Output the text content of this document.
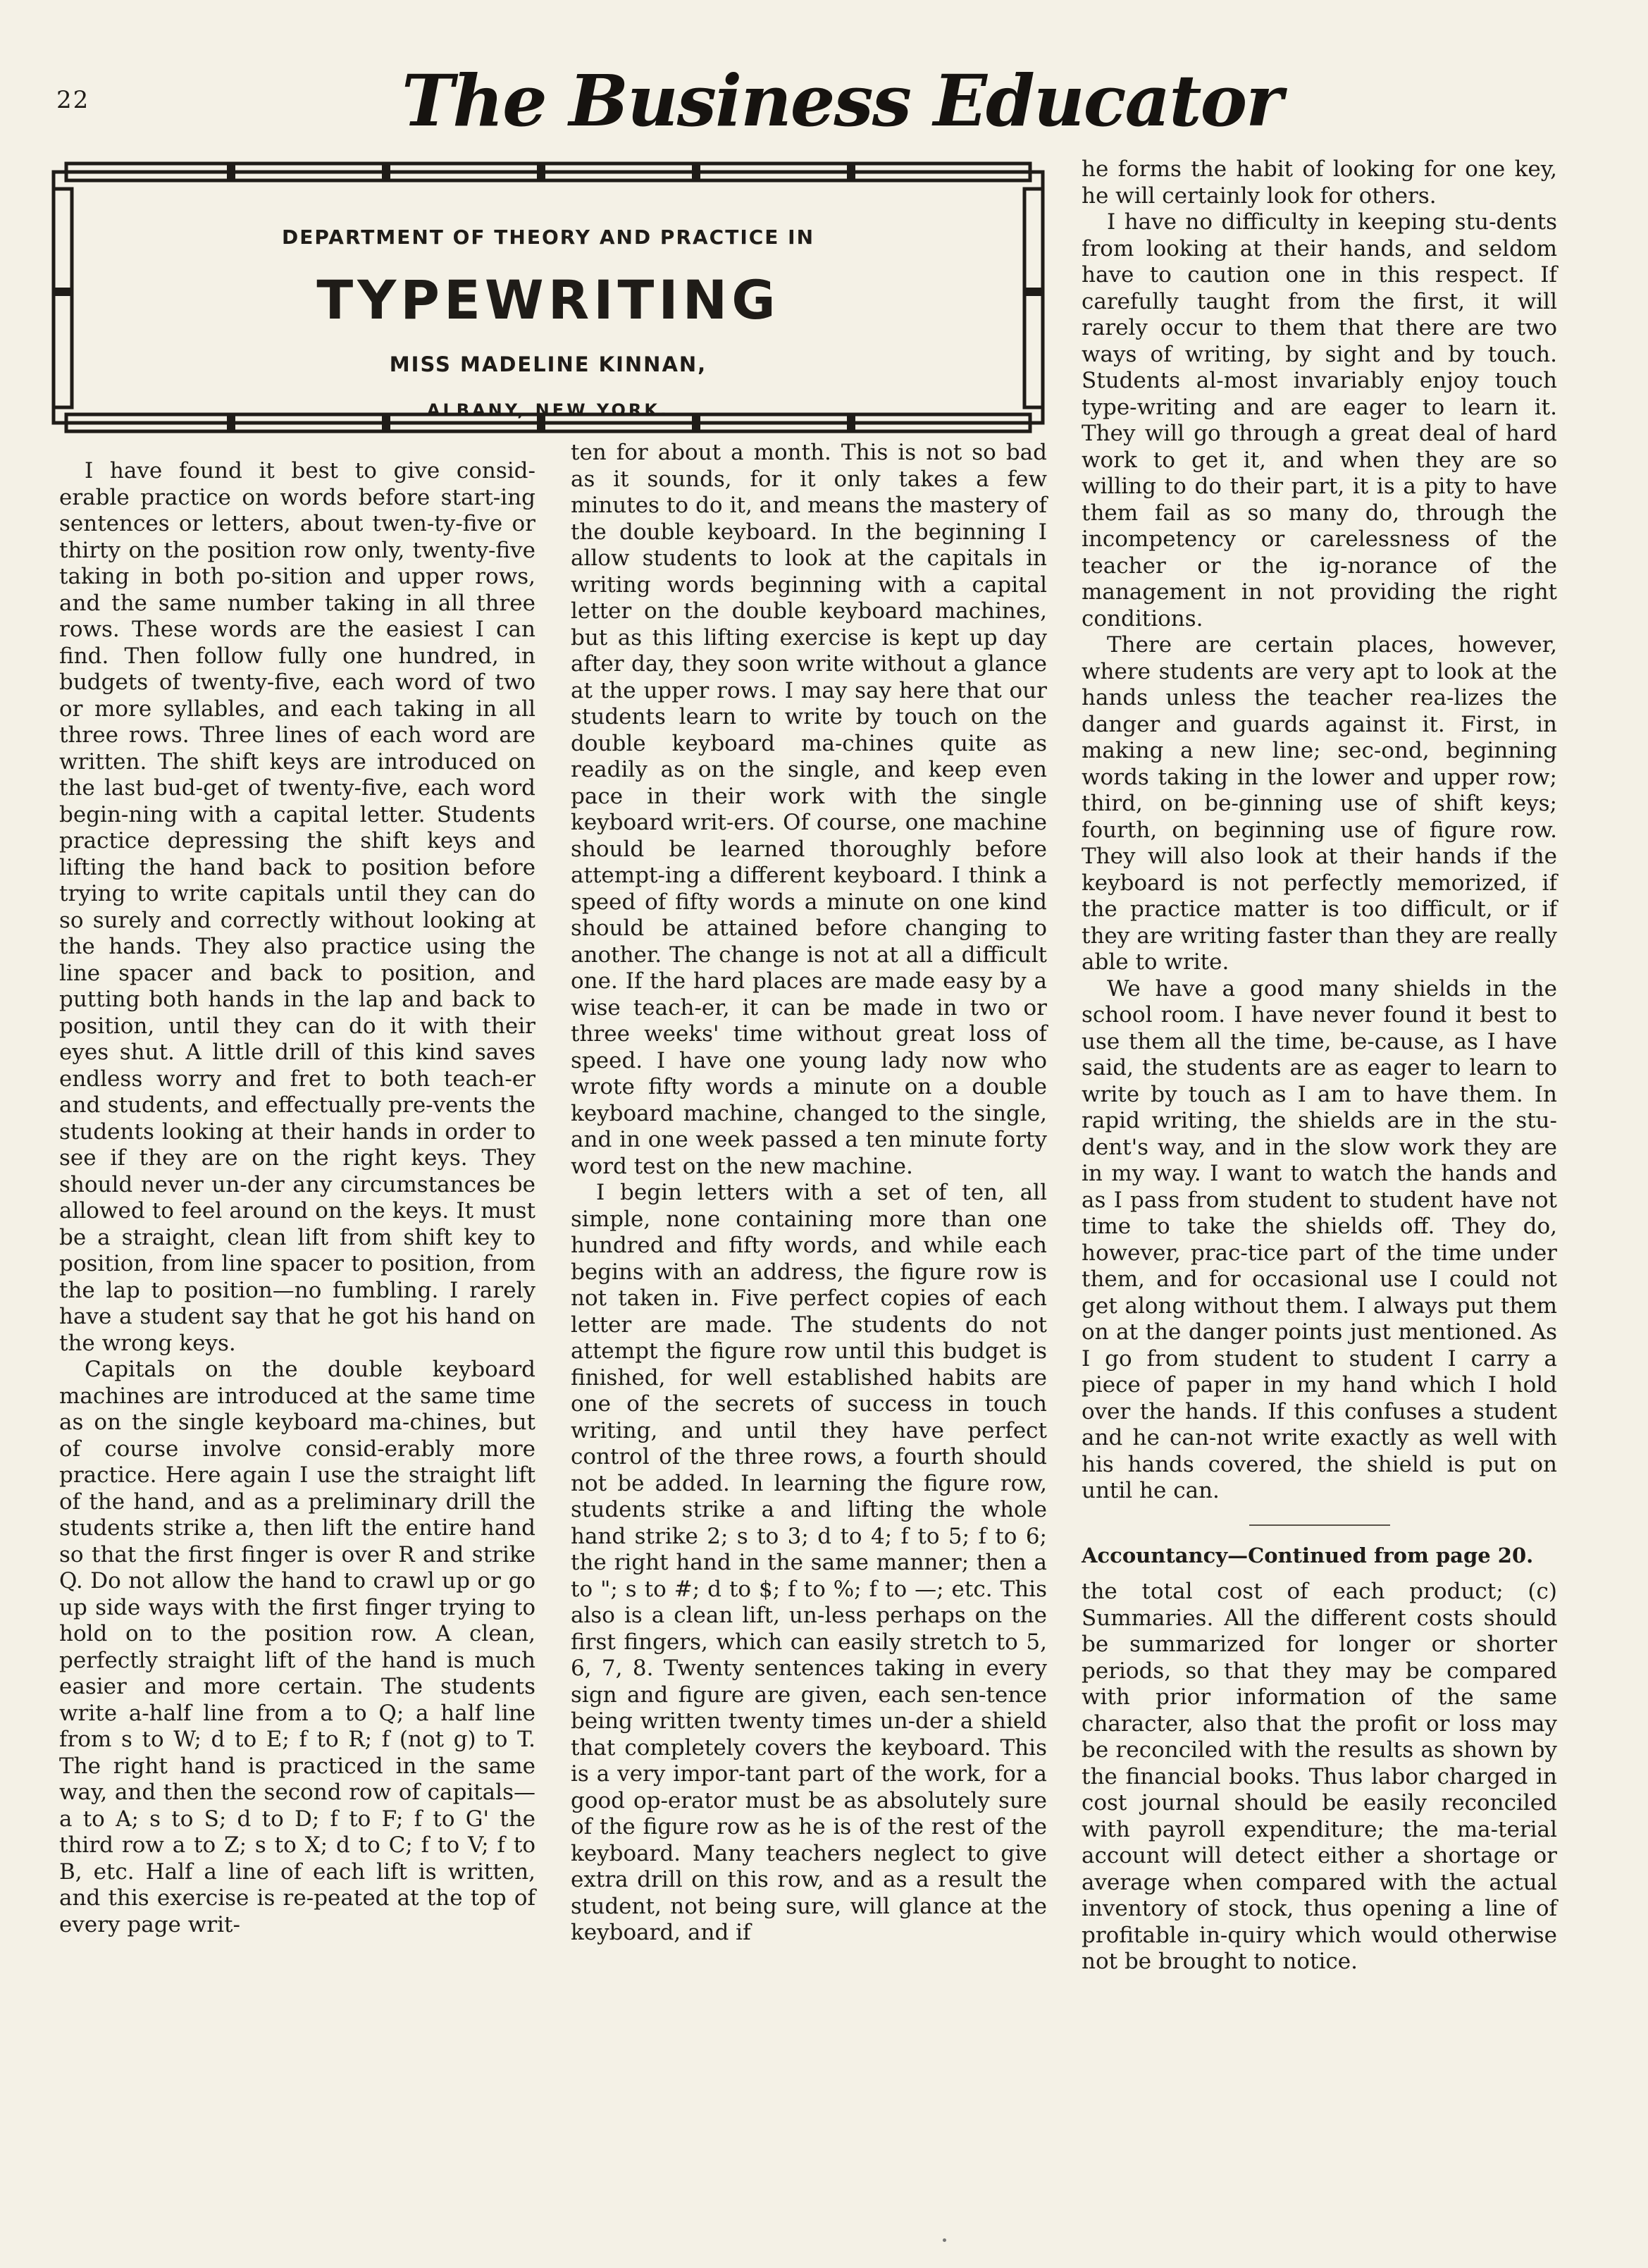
22	The Business Educator
DEPARTMENT OF THEORY AND PRACTICE IN
TYPEWRITING
MISS MADELINE KINNAN,
ALBANY, NEW YORK.

I have found it best to give consid-erable practice on words before start-ing sentences or letters, about twen-ty-five or thirty on the position row only, twenty-five taking in both po-sition and upper rows, and the same number taking in all three rows. These words are the easiest I can find. Then follow fully one hundred, in budgets of twenty-five, each word of two or more syllables, and each taking in all three rows. Three lines of each word are written. The shift keys are introduced on the last bud-get of twenty-five, each word begin-ning with a capital letter. Students practice depressing the shift keys and lifting the hand back to position before trying to write capitals until they can do so surely and correctly without looking at the hands. They also practice using the line spacer and back to position, and putting both hands in the lap and back to position, until they can do it with their eyes shut. A little drill of this kind saves endless worry and fret to both teach-er and students, and effectually pre-vents the students looking at their hands in order to see if they are on the right keys. They should never un-der any circumstances be allowed to feel around on the keys. It must be a straight, clean lift from shift key to position, from line spacer to position, from the lap to position—no fumbling. I rarely have a student say that he got his hand on the wrong keys.

Capitals on the double keyboard machines are introduced at the same time as on the single keyboard ma-chines, but of course involve consid-erably more practice. Here again I use the straight lift of the hand, and as a preliminary drill the students strike a, then lift the entire hand so that the first finger is over R and strike Q. Do not allow the hand to crawl up or go up side ways with the first finger trying to hold on to the position row. A clean, perfectly straight lift of the hand is much easier and more certain. The students write a-half line from a to Q; a half line from s to W; d to E; f to R; f (not g) to T. The right hand is practiced in the same way, and then the second row of capitals—a to A; s to S; d to D; f to F; f to G' the third row a to Z; s to X; d to C; f to V; f to B, etc. Half a line of each lift is written, and this exercise is re-peated at the top of every page writ-

ten for about a month. This is not so bad as it sounds, for it only takes a few minutes to do it, and means the mastery of the double keyboard. In the beginning I allow students to look at the capitals in writing words beginning with a capital letter on the double keyboard machines, but as this lifting exercise is kept up day after day, they soon write without a glance at the upper rows. I may say here that our students learn to write by touch on the double keyboard ma-chines quite as readily as on the single, and keep even pace in their work with the single keyboard writ-ers. Of course, one machine should be learned thoroughly before attempt-ing a different keyboard. I think a speed of fifty words a minute on one kind should be attained before changing to another. The change is not at all a difficult one. If the hard places are made easy by a wise teach-er, it can be made in two or three weeks' time without great loss of speed. I have one young lady now who wrote fifty words a minute on a double keyboard machine, changed to the single, and in one week passed a ten minute forty word test on the new machine.

I begin letters with a set of ten, all simple, none containing more than one hundred and fifty words, and while each begins with an address, the figure row is not taken in. Five perfect copies of each letter are made. The students do not attempt the figure row until this budget is finished, for well established habits are one of the secrets of success in touch writing, and until they have perfect control of the three rows, a fourth should not be added. In learning the figure row, students strike a and lifting the whole hand strike 2; s to 3; d to 4; f to 5; f to 6; the right hand in the same manner; then a to "; s to #; d to $; f to %; f to —; etc. This also is a clean lift, un-less perhaps on the first fingers, which can easily stretch to 5, 6, 7, 8. Twenty sentences taking in every sign and figure are given, each sen-tence being written twenty times un-der a shield that completely covers the keyboard. This is a very impor-tant part of the work, for a good op-erator must be as absolutely sure of the figure row as he is of the rest of the keyboard. Many teachers neglect to give extra drill on this row, and as a result the student, not being sure, will glance at the keyboard, and if

he forms the habit of looking for one key, he will certainly look for others.

I have no difficulty in keeping stu-dents from looking at their hands, and seldom have to caution one in this respect. If carefully taught from the first, it will rarely occur to them that there are two ways of writing, by sight and by touch. Students al-most invariably enjoy touch type-writing and are eager to learn it. They will go through a great deal of hard work to get it, and when they are so willing to do their part, it is a pity to have them fail as so many do, through the incompetency or carelessness of the teacher or the ig-norance of the management in not providing the right conditions.

There are certain places, however, where students are very apt to look at the hands unless the teacher rea-lizes the danger and guards against it. First, in making a new line; sec-ond, beginning words taking in the lower and upper row; third, on be-ginning use of shift keys; fourth, on beginning use of figure row. They will also look at their hands if the keyboard is not perfectly memorized, if the practice matter is too difficult, or if they are writing faster than they are really able to write.

We have a good many shields in the school room. I have never found it best to use them all the time, be-cause, as I have said, the students are as eager to learn to write by touch as I am to have them. In rapid writing, the shields are in the stu-dent's way, and in the slow work they are in my way. I want to watch the hands and as I pass from student to student have not time to take the shields off. They do, however, prac-tice part of the time under them, and for occasional use I could not get along without them. I always put them on at the danger points just mentioned. As I go from student to student I carry a piece of paper in my hand which I hold over the hands. If this confuses a student and he can-not write exactly as well with his hands covered, the shield is put on until he can.

Accountancy—Continued from page 20.

the total cost of each product; (c) Summaries. All the different costs should be summarized for longer or shorter periods, so that they may be compared with prior information of the same character, also that the profit or loss may be reconciled with the results as shown by the financial books. Thus labor charged in cost journal should be easily reconciled with payroll expenditure; the ma-terial account will detect either a shortage or average when compared with the actual inventory of stock, thus opening a line of profitable in-quiry which would otherwise not be brought to notice.
